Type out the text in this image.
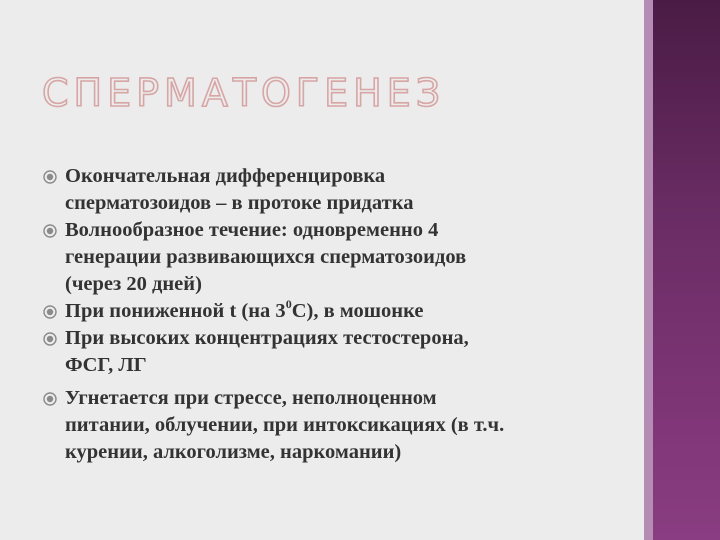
СПЕРМАТОГЕНЕЗ
Окончательная дифференцировка
сперматозоидов – в протоке придатка
Волнообразное течение: одновременно 4
генерации развивающихся сперматозоидов
(через 20 дней)
При пониженной t (на $3^0С$), в мошонке
При высоких концентрациях тестостерона,
ФСГ, ЛГ
Угнетается при стрессе, неполноценном
питании, облучении, при интоксикациях (в т.ч.
курении, алкоголизме, наркомании)
